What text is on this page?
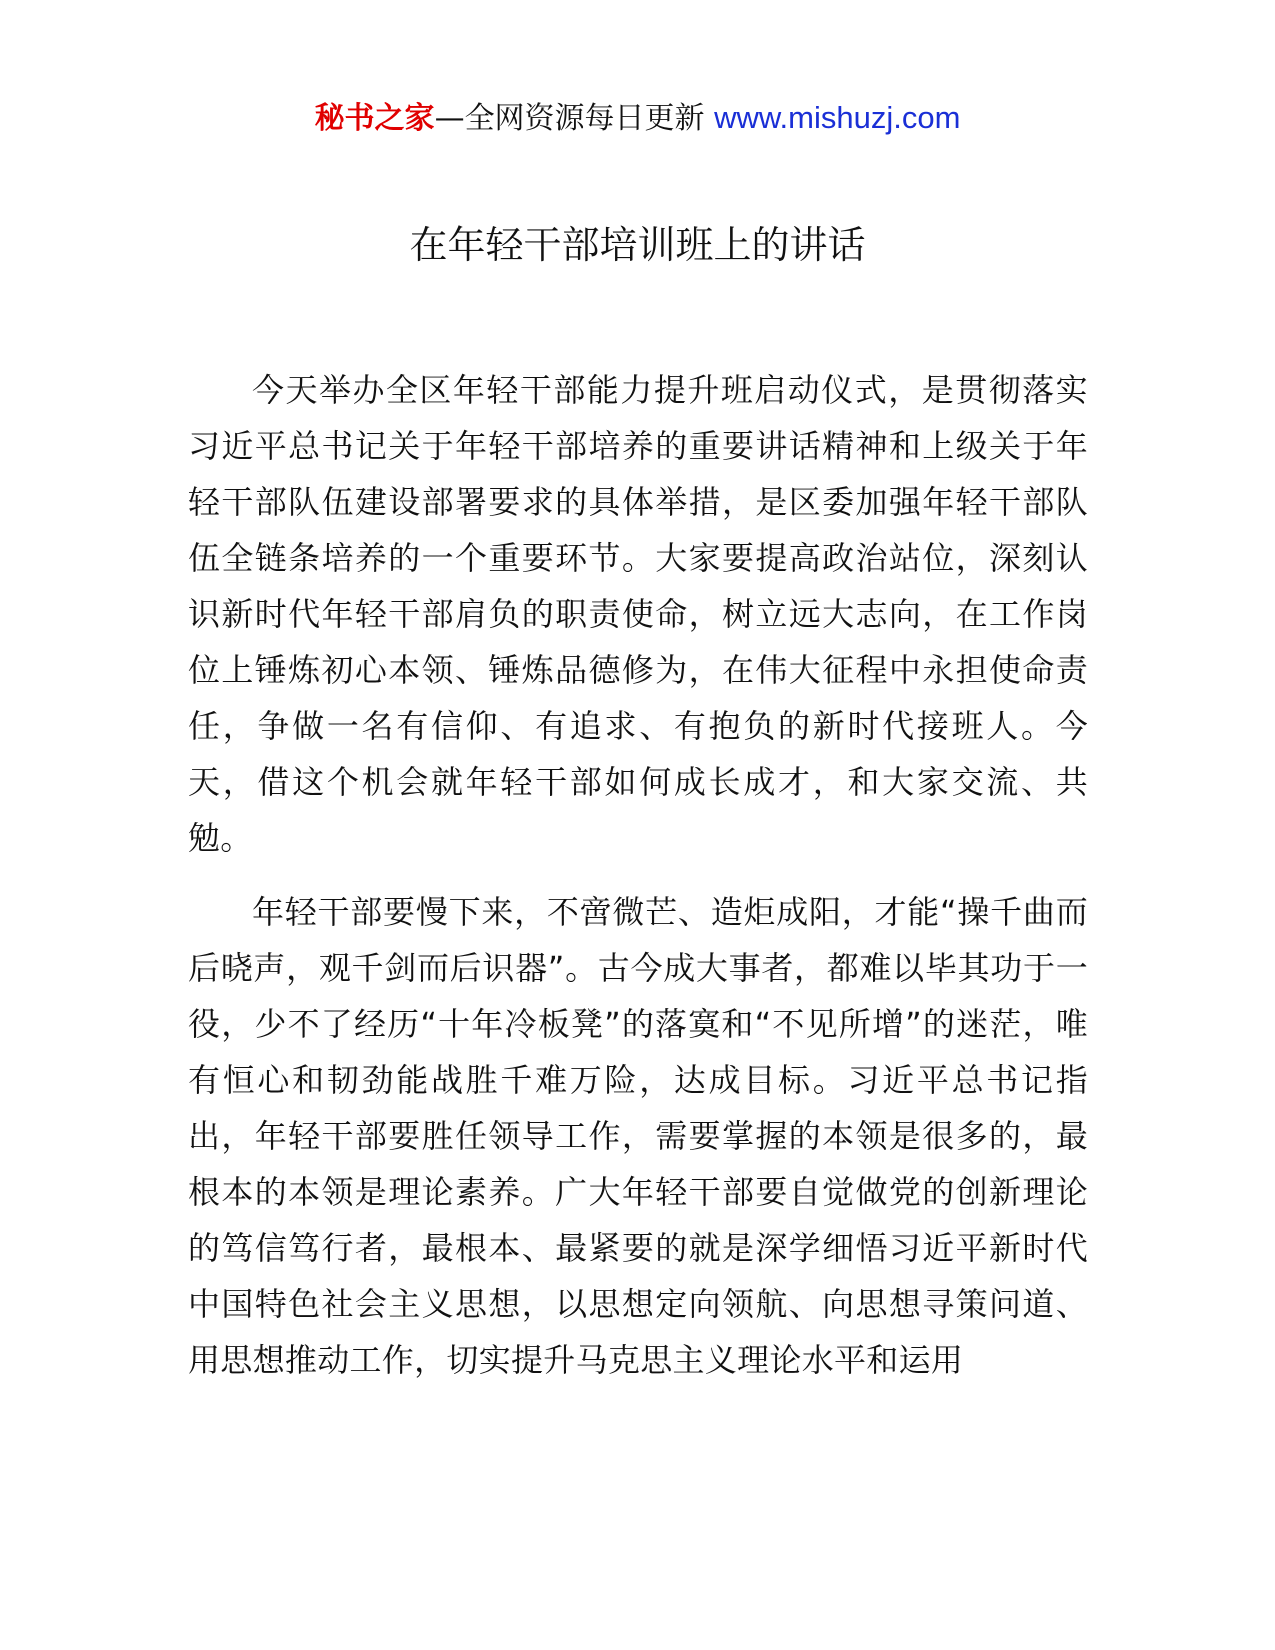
秘书之家—全网资源每日更新 www.mishuzj.com
在年轻干部培训班上的讲话

今天举办全区年轻干部能力提升班启动仪式，是贯彻落实习近平总书记关于年轻干部培养的重要讲话精神和上级关于年轻干部队伍建设部署要求的具体举措，是区委加强年轻干部队伍全链条培养的一个重要环节。大家要提高政治站位，深刻认识新时代年轻干部肩负的职责使命，树立远大志向，在工作岗位上锤炼初心本领、锤炼品德修为，在伟大征程中永担使命责任，争做一名有信仰、有追求、有抱负的新时代接班人。今天，借这个机会就年轻干部如何成长成才，和大家交流、共勉。

年轻干部要慢下来，不啻微芒、造炬成阳，才能“操千曲而后晓声，观千剑而后识器”。古今成大事者，都难以毕其功于一役，少不了经历“十年冷板凳”的落寞和“不见所增”的迷茫，唯有恒心和韧劲能战胜千难万险，达成目标。习近平总书记指出，年轻干部要胜任领导工作，需要掌握的本领是很多的，最根本的本领是理论素养。广大年轻干部要自觉做党的创新理论的笃信笃行者，最根本、最紧要的就是深学细悟习近平新时代中国特色社会主义思想，以思想定向领航、向思想寻策问道、用思想推动工作，切实提升马克思主义理论水平和运用
